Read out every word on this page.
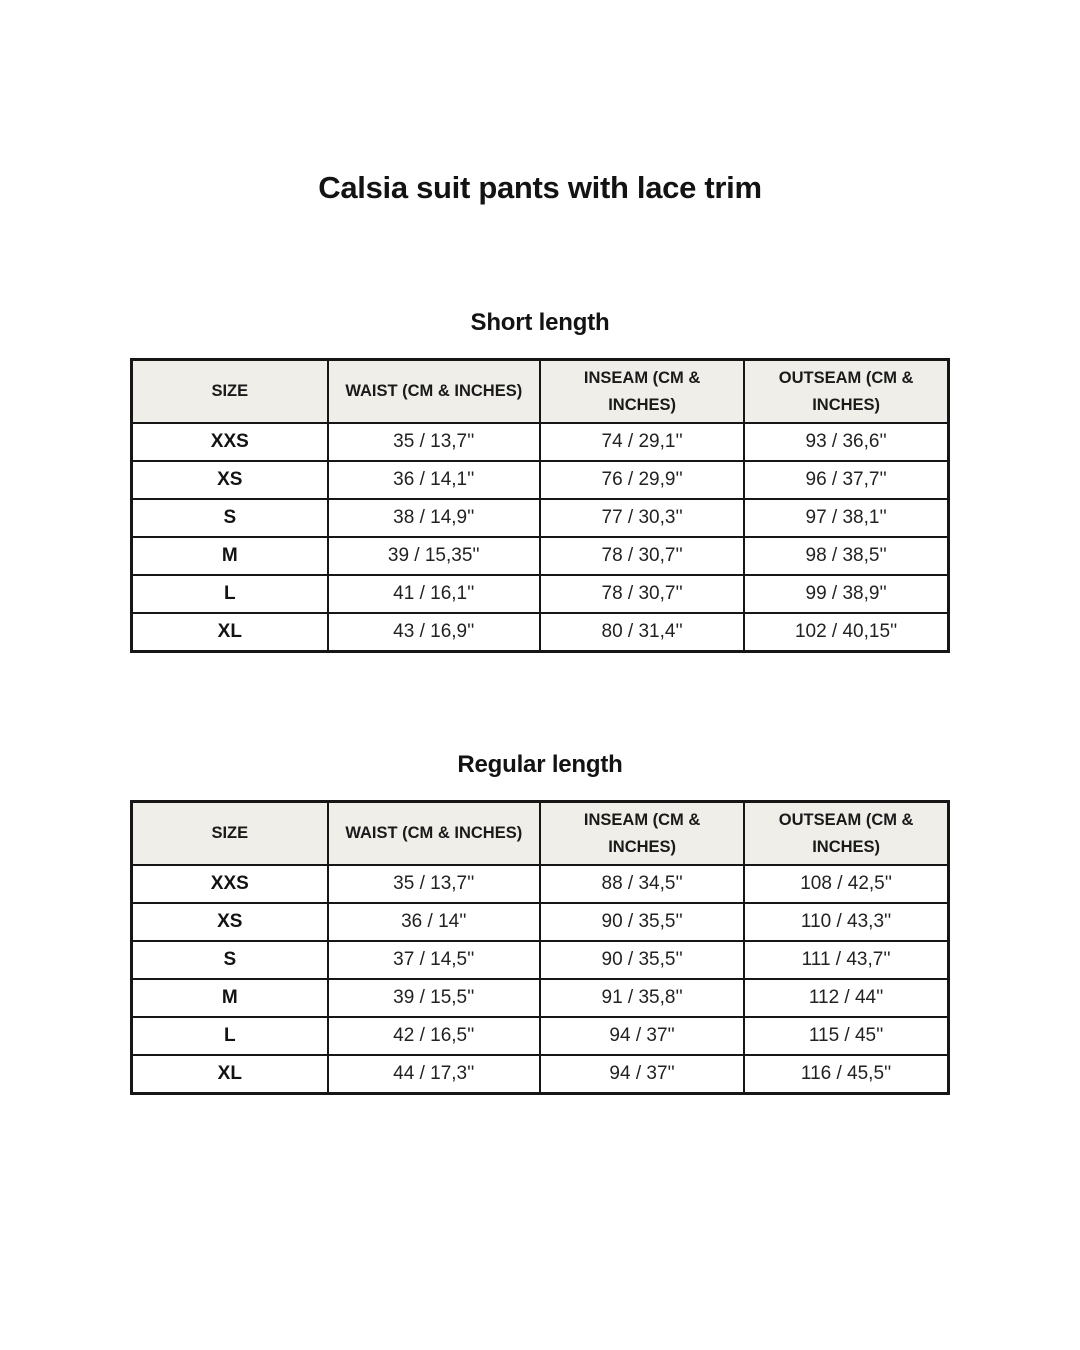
Calsia suit pants with lace trim
Short length
SIZE	WAIST (CM & INCHES)	INSEAM (CM & INCHES)	OUTSEAM (CM & INCHES)
XXS	35 / 13,7''	74 / 29,1''	93 / 36,6''
XS	36 / 14,1''	76 / 29,9''	96 / 37,7''
S	38 / 14,9''	77 / 30,3''	97 / 38,1''
M	39 / 15,35''	78 / 30,7''	98 / 38,5''
L	41 / 16,1''	78 / 30,7''	99 / 38,9''
XL	43 / 16,9''	80 / 31,4''	102 / 40,15''
Regular length
SIZE	WAIST (CM & INCHES)	INSEAM (CM & INCHES)	OUTSEAM (CM & INCHES)
XXS	35 / 13,7''	88 / 34,5''	108 / 42,5''
XS	36 / 14''	90 / 35,5''	110 / 43,3''
S	37 / 14,5''	90 / 35,5''	111 / 43,7''
M	39 / 15,5''	91 / 35,8''	112 / 44''
L	42 / 16,5''	94 / 37''	115 / 45''
XL	44 / 17,3''	94 / 37''	116 / 45,5''
